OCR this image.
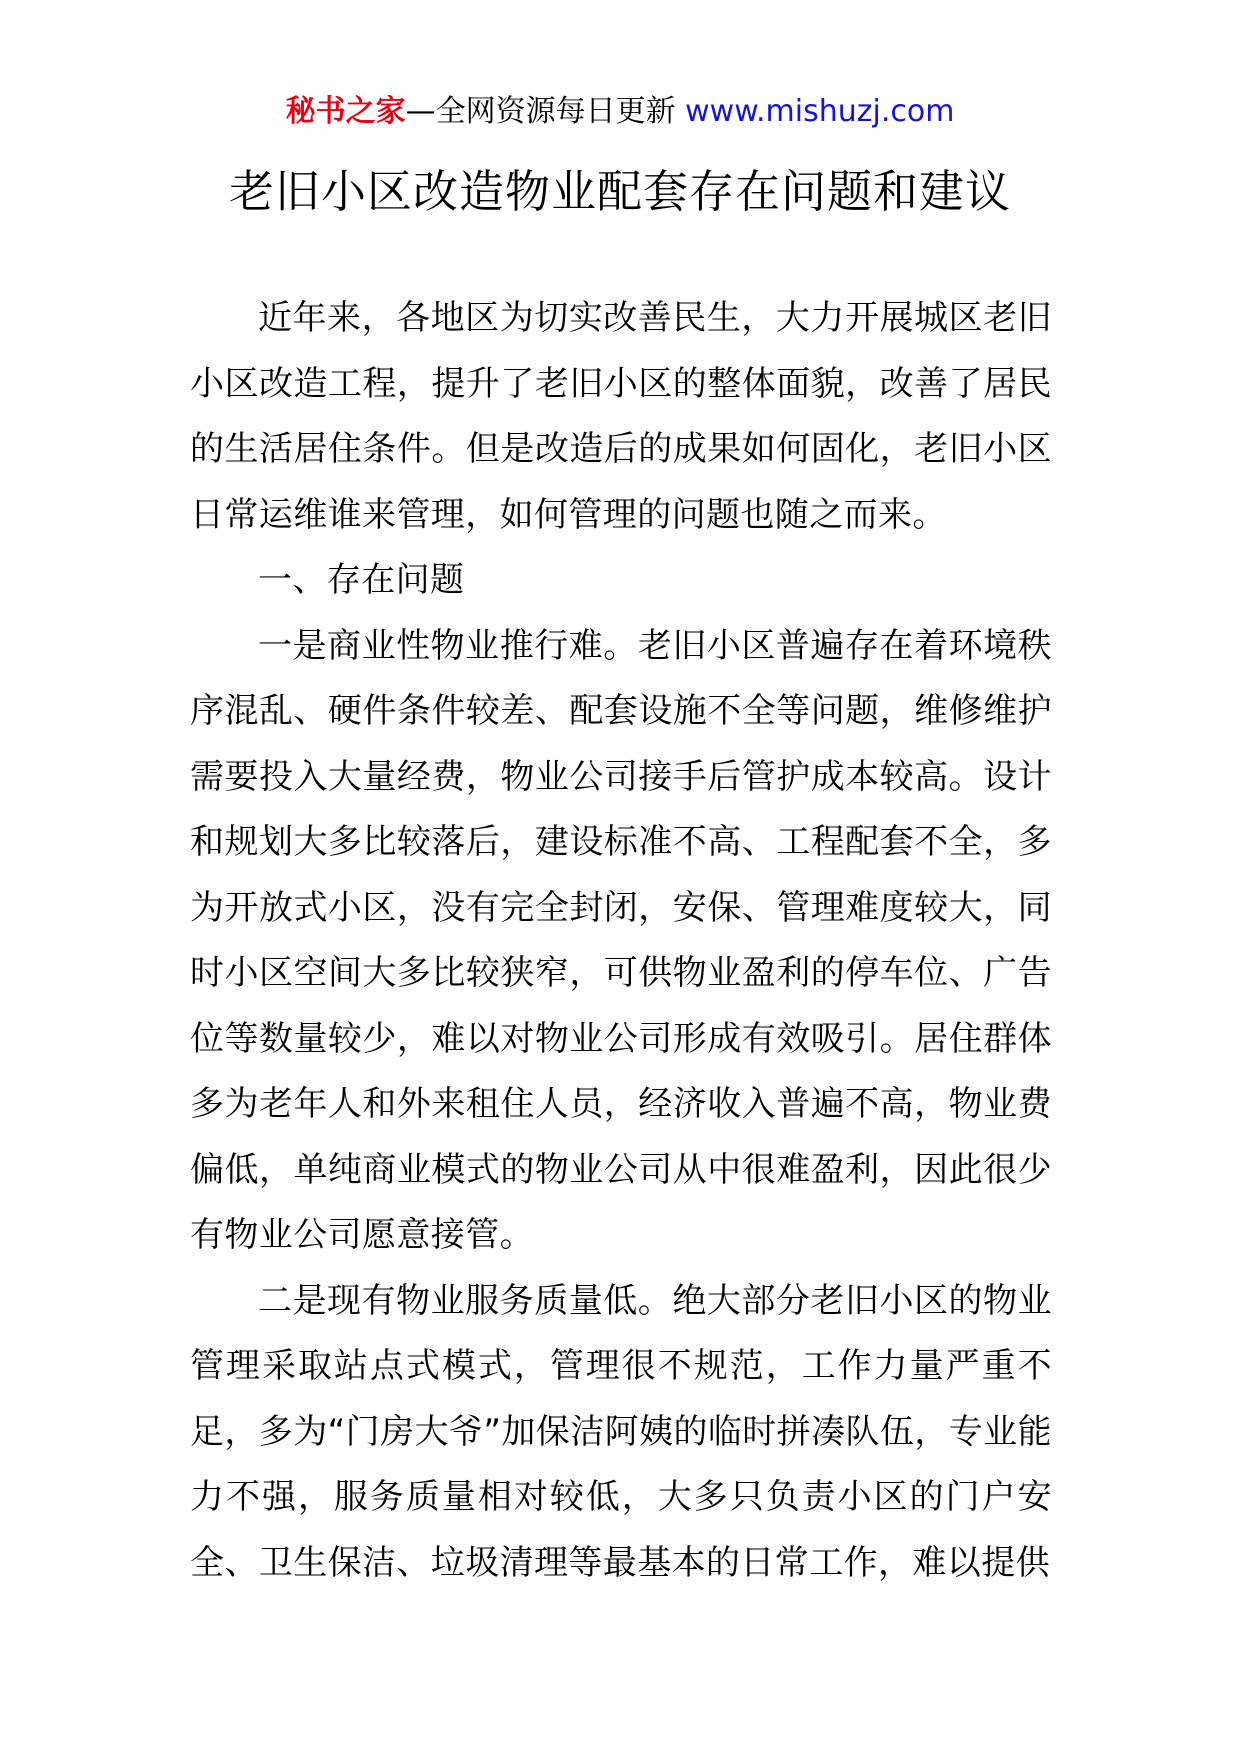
秘书之家—全网资源每日更新 www.mishuzj.com
老旧小区改造物业配套存在问题和建议

近年来，各地区为切实改善民生，大力开展城区老旧小区改造工程，提升了老旧小区的整体面貌，改善了居民的生活居住条件。但是改造后的成果如何固化，老旧小区日常运维谁来管理，如何管理的问题也随之而来。

一、存在问题

一是商业性物业推行难。老旧小区普遍存在着环境秩序混乱、硬件条件较差、配套设施不全等问题，维修维护需要投入大量经费，物业公司接手后管护成本较高。设计和规划大多比较落后，建设标准不高、工程配套不全，多为开放式小区，没有完全封闭，安保、管理难度较大，同时小区空间大多比较狭窄，可供物业盈利的停车位、广告位等数量较少，难以对物业公司形成有效吸引。居住群体多为老年人和外来租住人员，经济收入普遍不高，物业费偏低，单纯商业模式的物业公司从中很难盈利，因此很少有物业公司愿意接管。

二是现有物业服务质量低。绝大部分老旧小区的物业管理采取站点式模式，管理很不规范，工作力量严重不足，多为“门房大爷”加保洁阿姨的临时拼凑队伍，专业能力不强，服务质量相对较低，大多只负责小区的门户安全、卫生保洁、垃圾清理等最基本的日常工作，难以提供
